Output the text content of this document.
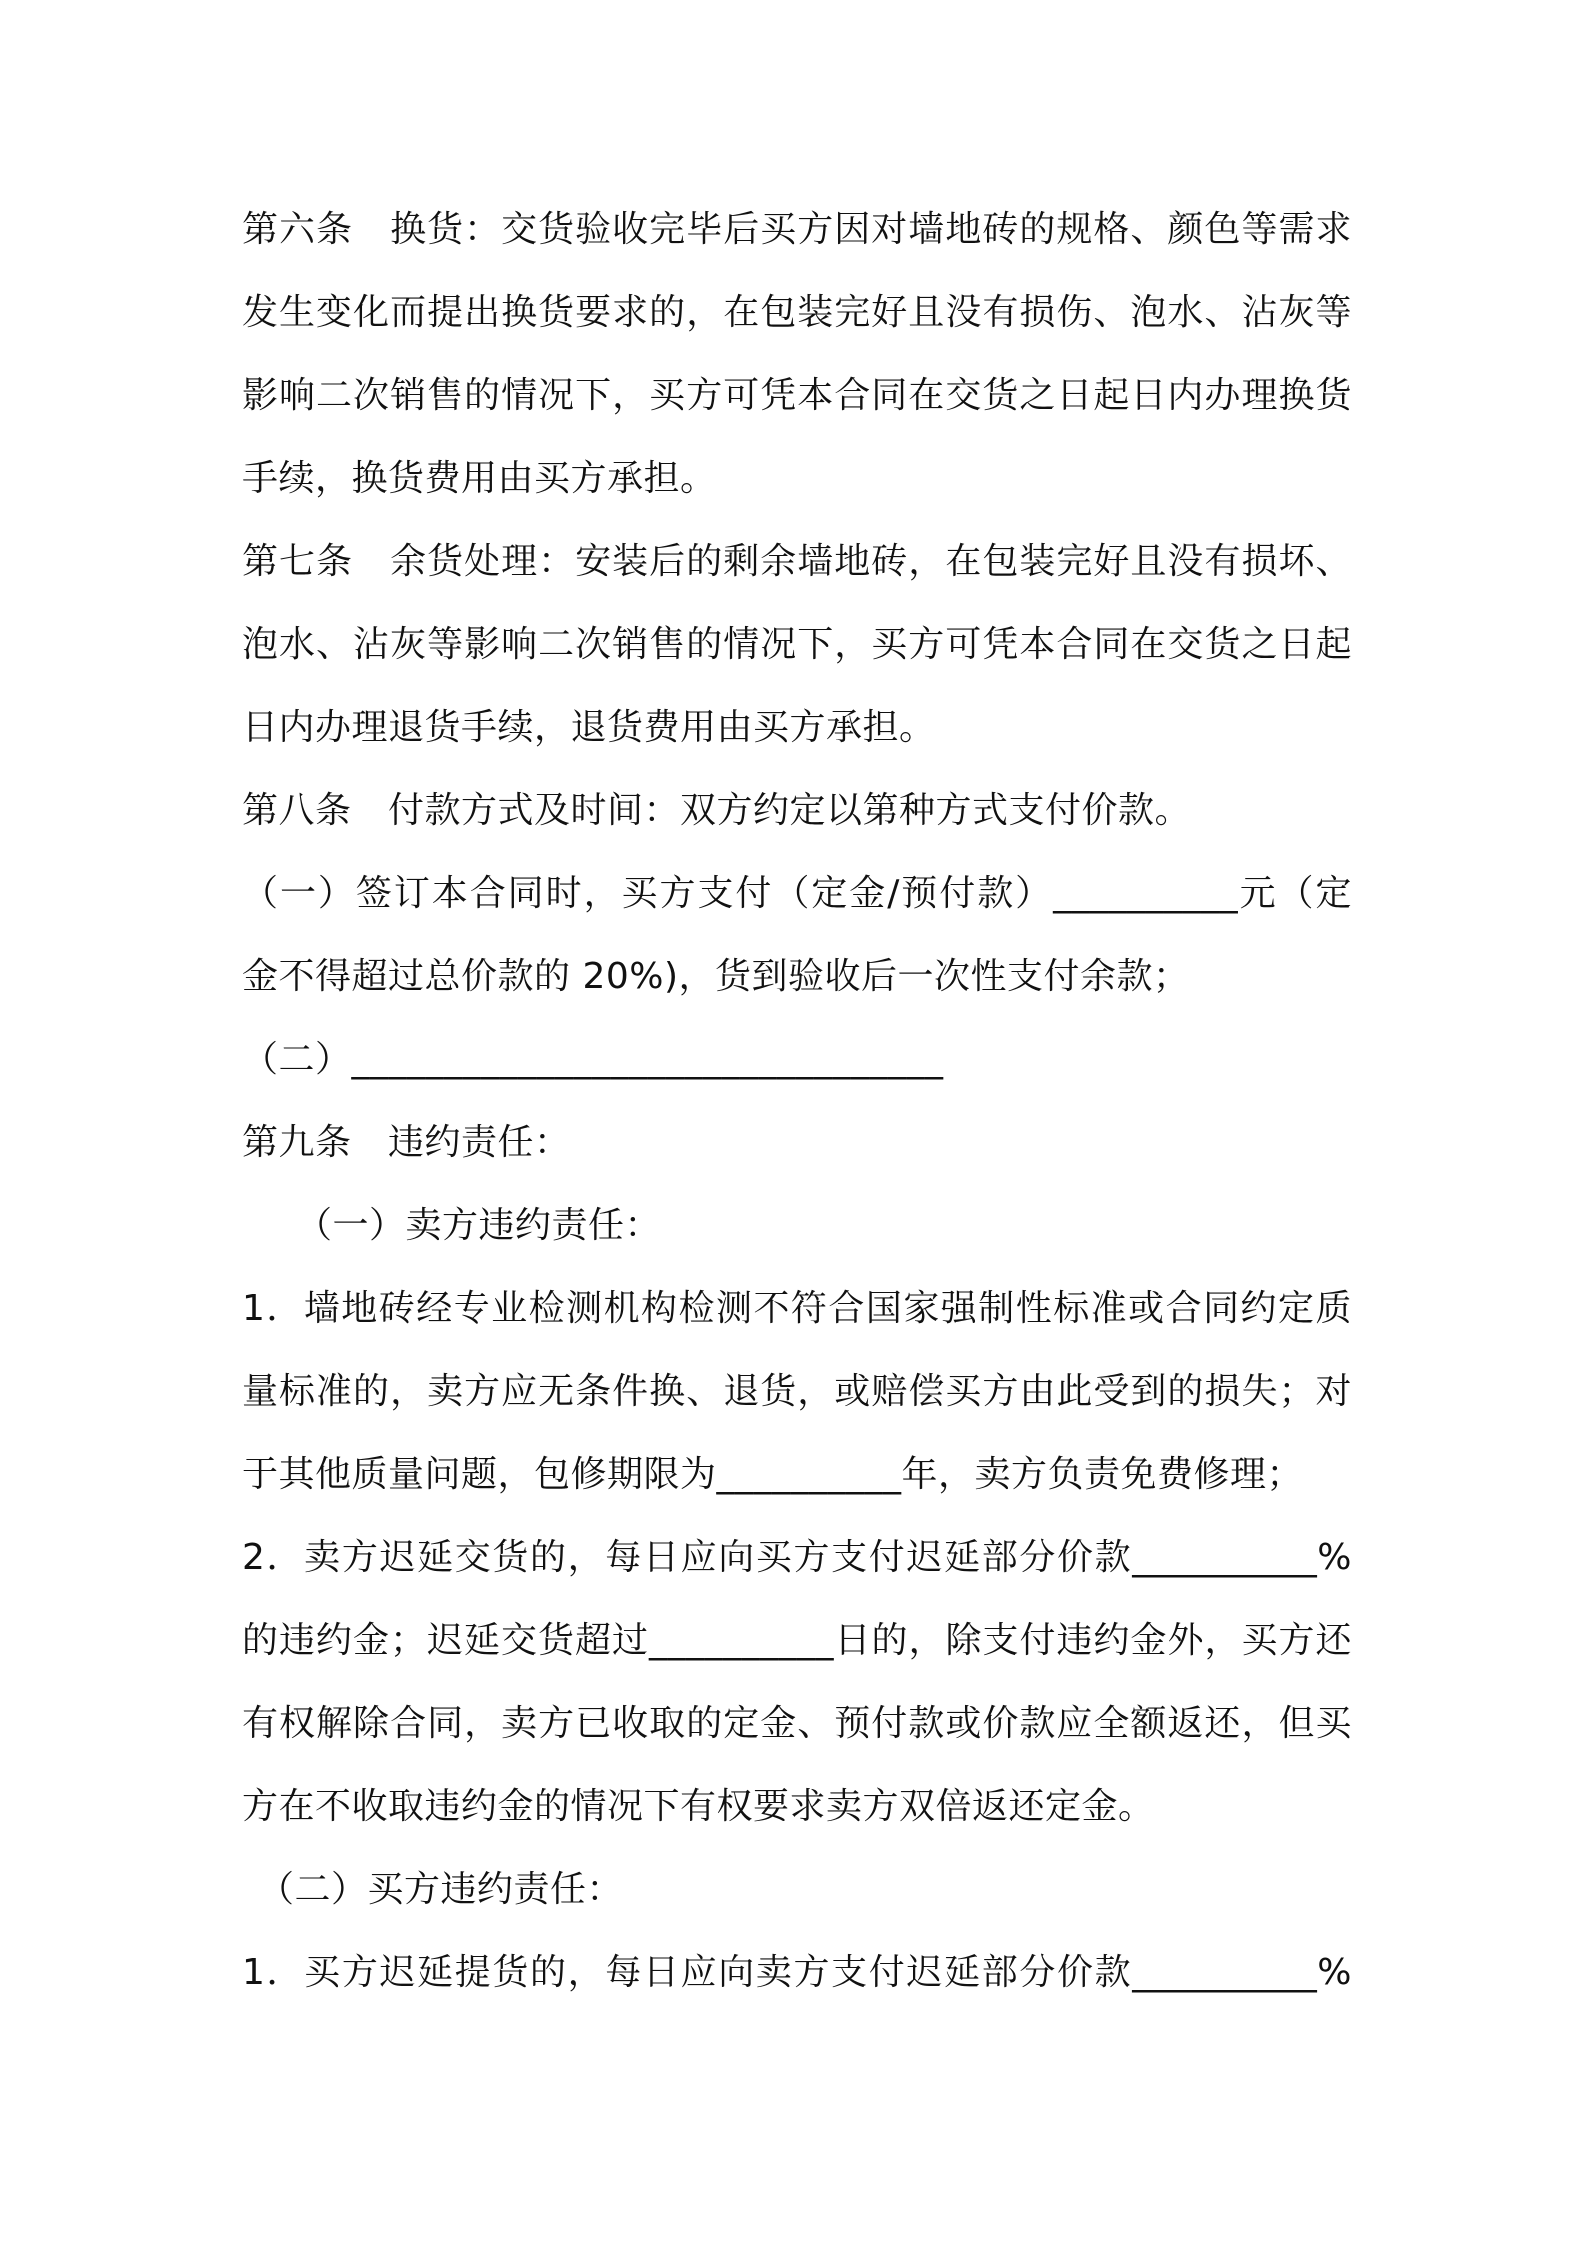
第六条　换货：交货验收完毕后买方因对墙地砖的规格、颜色等需求
发生变化而提出换货要求的，在包装完好且没有损伤、泡水、沾灰等
影响二次销售的情况下，买方可凭本合同在交货之日起日内办理换货
手续，换货费用由买方承担。
第七条　余货处理：安装后的剩余墙地砖，在包装完好且没有损坏、
泡水、沾灰等影响二次销售的情况下，买方可凭本合同在交货之日起
日内办理退货手续，退货费用由买方承担。
第八条　付款方式及时间：双方约定以第种方式支付价款。
（一）签订本合同时，买方支付（定金/预付款）__________元（定
金不得超过总价款的 20%)，货到验收后一次性支付余款；
（二）________________________________
第九条　违约责任：
（一）卖方违约责任：
1．墙地砖经专业检测机构检测不符合国家强制性标准或合同约定质
量标准的，卖方应无条件换、退货，或赔偿买方由此受到的损失；对
于其他质量问题，包修期限为__________年，卖方负责免费修理；
2．卖方迟延交货的，每日应向买方支付迟延部分价款__________%
的违约金；迟延交货超过__________日的，除支付违约金外，买方还
有权解除合同，卖方已收取的定金、预付款或价款应全额返还，但买
方在不收取违约金的情况下有权要求卖方双倍返还定金。
（二）买方违约责任：
1．买方迟延提货的，每日应向卖方支付迟延部分价款__________%
